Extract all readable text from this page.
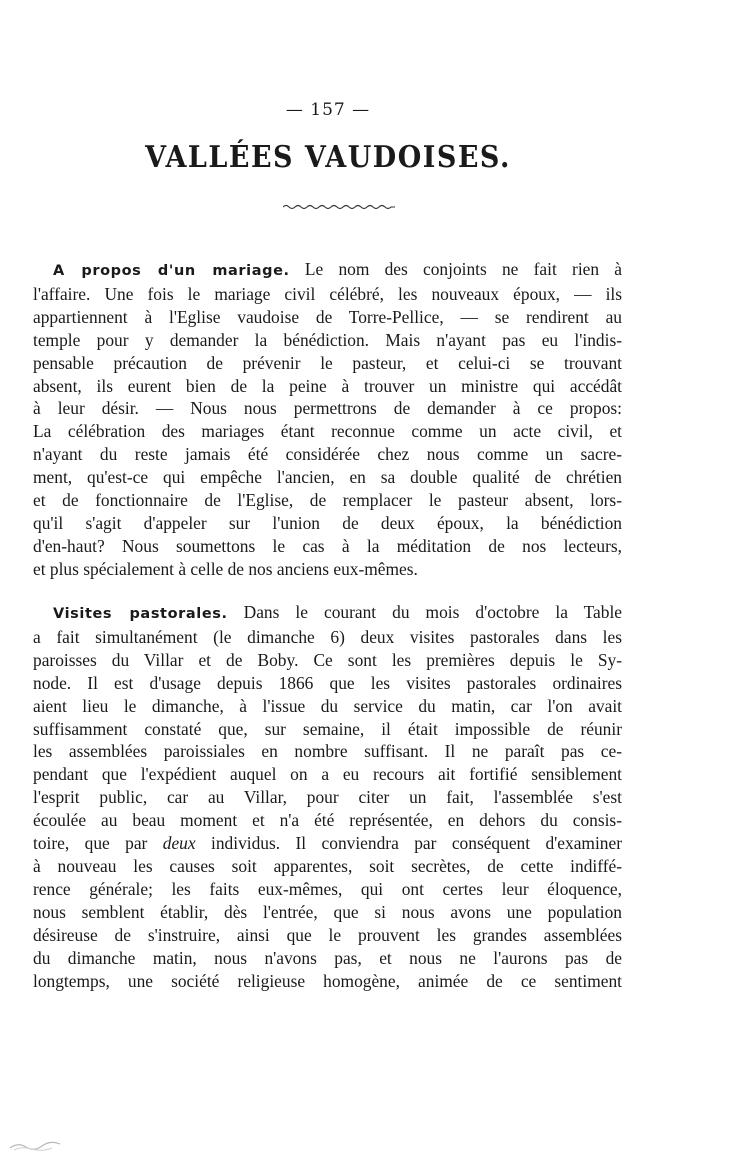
— 157 —
VALLÉES VAUDOISES.
A propos d'un mariage. Le nom des conjoints ne fait rien à
l'affaire. Une fois le mariage civil célébré, les nouveaux époux, — ils
appartiennent à l'Eglise vaudoise de Torre-Pellice, — se rendirent au
temple pour y demander la bénédiction. Mais n'ayant pas eu l'indis-
pensable précaution de prévenir le pasteur, et celui-ci se trouvant
absent, ils eurent bien de la peine à trouver un ministre qui accédât
à leur désir. — Nous nous permettrons de demander à ce propos:
La célébration des mariages étant reconnue comme un acte civil, et
n'ayant du reste jamais été considérée chez nous comme un sacre-
ment, qu'est-ce qui empêche l'ancien, en sa double qualité de chrétien
et de fonctionnaire de l'Eglise, de remplacer le pasteur absent, lors-
qu'il s'agit d'appeler sur l'union de deux époux, la bénédiction
d'en-haut? Nous soumettons le cas à la méditation de nos lecteurs,
et plus spécialement à celle de nos anciens eux-mêmes.
Visites pastorales. Dans le courant du mois d'octobre la Table
a fait simultanément (le dimanche 6) deux visites pastorales dans les
paroisses du Villar et de Boby. Ce sont les premières depuis le Sy-
node. Il est d'usage depuis 1866 que les visites pastorales ordinaires
aient lieu le dimanche, à l'issue du service du matin, car l'on avait
suffisamment constaté que, sur semaine, il était impossible de réunir
les assemblées paroissiales en nombre suffisant. Il ne paraît pas ce-
pendant que l'expédient auquel on a eu recours ait fortifié sensiblement
l'esprit public, car au Villar, pour citer un fait, l'assemblée s'est
écoulée au beau moment et n'a été représentée, en dehors du consis-
toire, que par deux individus. Il conviendra par conséquent d'examiner
à nouveau les causes soit apparentes, soit secrètes, de cette indiffé-
rence générale; les faits eux-mêmes, qui ont certes leur éloquence,
nous semblent établir, dès l'entrée, que si nous avons une population
désireuse de s'instruire, ainsi que le prouvent les grandes assemblées
du dimanche matin, nous n'avons pas, et nous ne l'aurons pas de
longtemps, une société religieuse homogène, animée de ce sentiment
